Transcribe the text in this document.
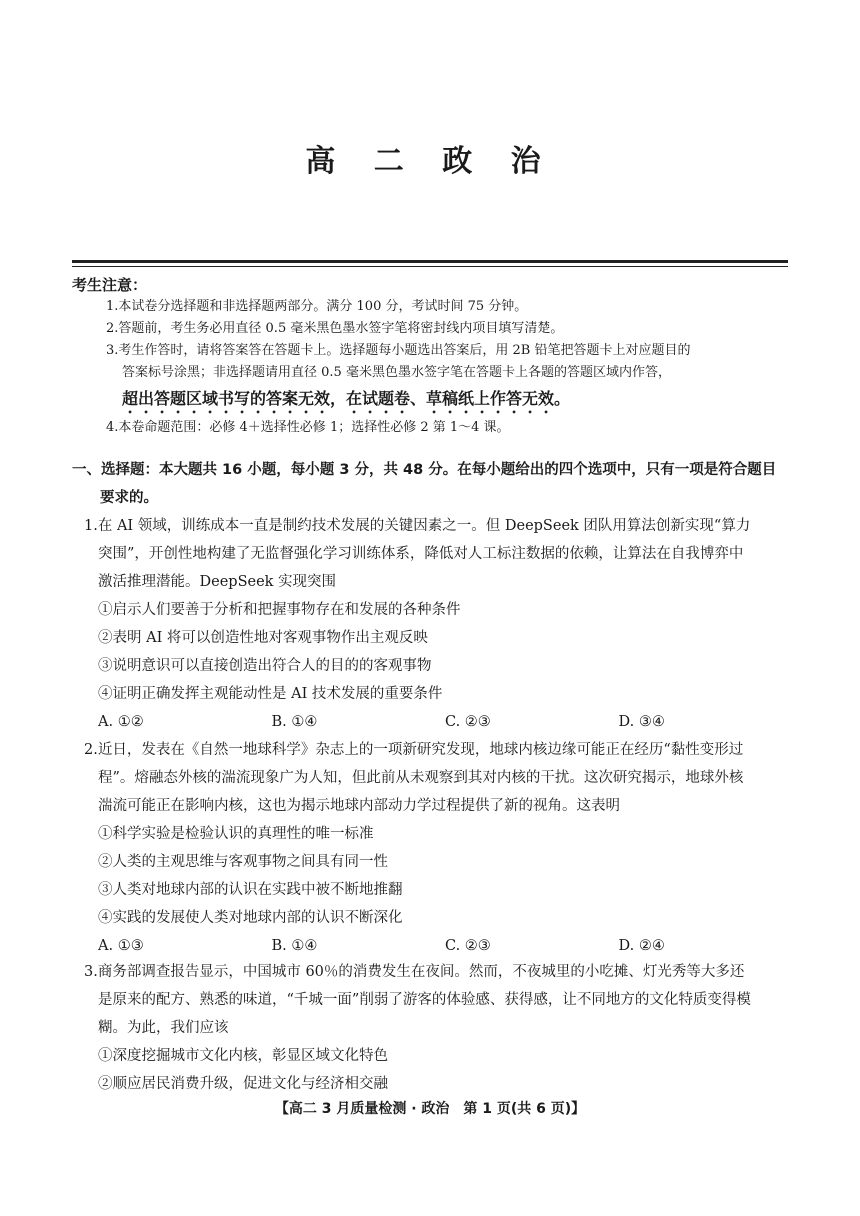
高 二 政 治
考生注意：
1.本试卷分选择题和非选择题两部分。满分 100 分，考试时间 75 分钟。
2.答题前，考生务必用直径 0.5 毫米黑色墨水签字笔将密封线内项目填写清楚。
3.考生作答时，请将答案答在答题卡上。选择题每小题选出答案后，用 2B 铅笔把答题卡上对应题目的
答案标号涂黑；非选择题请用直径 0.5 毫米黑色墨水签字笔在答题卡上各题的答题区域内作答，
超出答题区域书写的答案无效，在试题卷、草稿纸上作答无效。
4.本卷命题范围：必修 4＋选择性必修 1；选择性必修 2 第 1～4 课。
一、选择题：本大题共 16 小题，每小题 3 分，共 48 分。在每小题给出的四个选项中，只有一项是符合题目
要求的。
1.在 AI 领域，训练成本一直是制约技术发展的关键因素之一。但 DeepSeek 团队用算法创新实现“算力
突围”，开创性地构建了无监督强化学习训练体系，降低对人工标注数据的依赖，让算法在自我博弈中
激活推理潜能。DeepSeek 实现突围
①启示人们要善于分析和把握事物存在和发展的各种条件
②表明 AI 将可以创造性地对客观事物作出主观反映
③说明意识可以直接创造出符合人的目的的客观事物
④证明正确发挥主观能动性是 AI 技术发展的重要条件
A. ①②	B. ①④	C. ②③	D. ③④
2.近日，发表在《自然一地球科学》杂志上的一项新研究发现，地球内核边缘可能正在经历“黏性变形过
程”。熔融态外核的湍流现象广为人知，但此前从未观察到其对内核的干扰。这次研究揭示，地球外核
湍流可能正在影响内核，这也为揭示地球内部动力学过程提供了新的视角。这表明
①科学实验是检验认识的真理性的唯一标准
②人类的主观思维与客观事物之间具有同一性
③人类对地球内部的认识在实践中被不断地推翻
④实践的发展使人类对地球内部的认识不断深化
A. ①③	B. ①④	C. ②③	D. ②④
3.商务部调查报告显示，中国城市 60％的消费发生在夜间。然而，不夜城里的小吃摊、灯光秀等大多还
是原来的配方、熟悉的味道，“千城一面”削弱了游客的体验感、获得感，让不同地方的文化特质变得模
糊。为此，我们应该
①深度挖掘城市文化内核，彰显区域文化特色
②顺应居民消费升级，促进文化与经济相交融
【高二 3 月质量检测 · 政治　第 1 页(共 6 页)】
